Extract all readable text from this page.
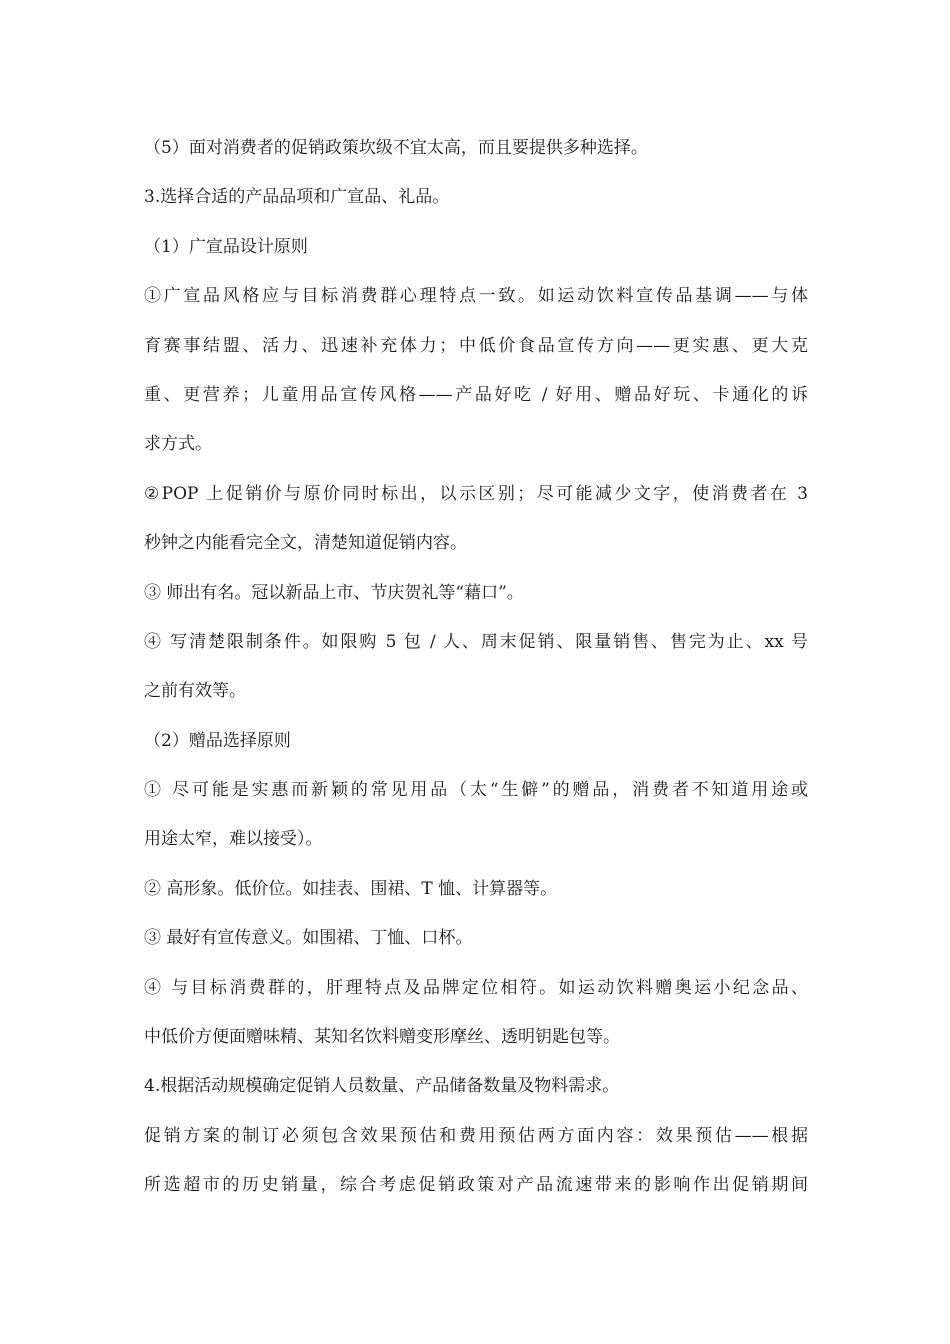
（5）面对消费者的促销政策坎级不宜太高，而且要提供多种选择。
3.选择合适的产品品项和广宣品、礼品。
（1）广宣品设计原则
①广宣品风格应与目标消费群心理特点一致。如运动饮料宣传品基调——与体
育赛事结盟、活力、迅速补充体力；中低价食品宣传方向——更实惠、更大克
重、更营养；儿童用品宣传风格——产品好吃 / 好用、赠品好玩、卡通化的诉
求方式。
②POP 上促销价与原价同时标出，以示区别；尽可能减少文字，使消费者在 3
秒钟之内能看完全文，清楚知道促销内容。
③ 师出有名。冠以新品上市、节庆贺礼等“藉口”。
④ 写清楚限制条件。如限购 5 包 / 人、周末促销、限量销售、售完为止、xx 号
之前有效等。
（2）赠品选择原则
① 尽可能是实惠而新颖的常见用品（太“生僻”的赠品，消费者不知道用途或
用途太窄，难以接受）。
② 高形象。低价位。如挂表、围裙、T 恤、计算器等。
③ 最好有宣传意义。如围裙、丁恤、口杯。
④ 与目标消费群的，肝理特点及品牌定位相符。如运动饮料赠奥运小纪念品、
中低价方便面赠味精、某知名饮料赠变形摩丝、透明钥匙包等。
4.根据活动规模确定促销人员数量、产品储备数量及物料需求。
促销方案的制订必须包含效果预估和费用预估两方面内容：效果预估——根据
所选超市的历史销量，综合考虑促销政策对产品流速带来的影响作出促销期间
